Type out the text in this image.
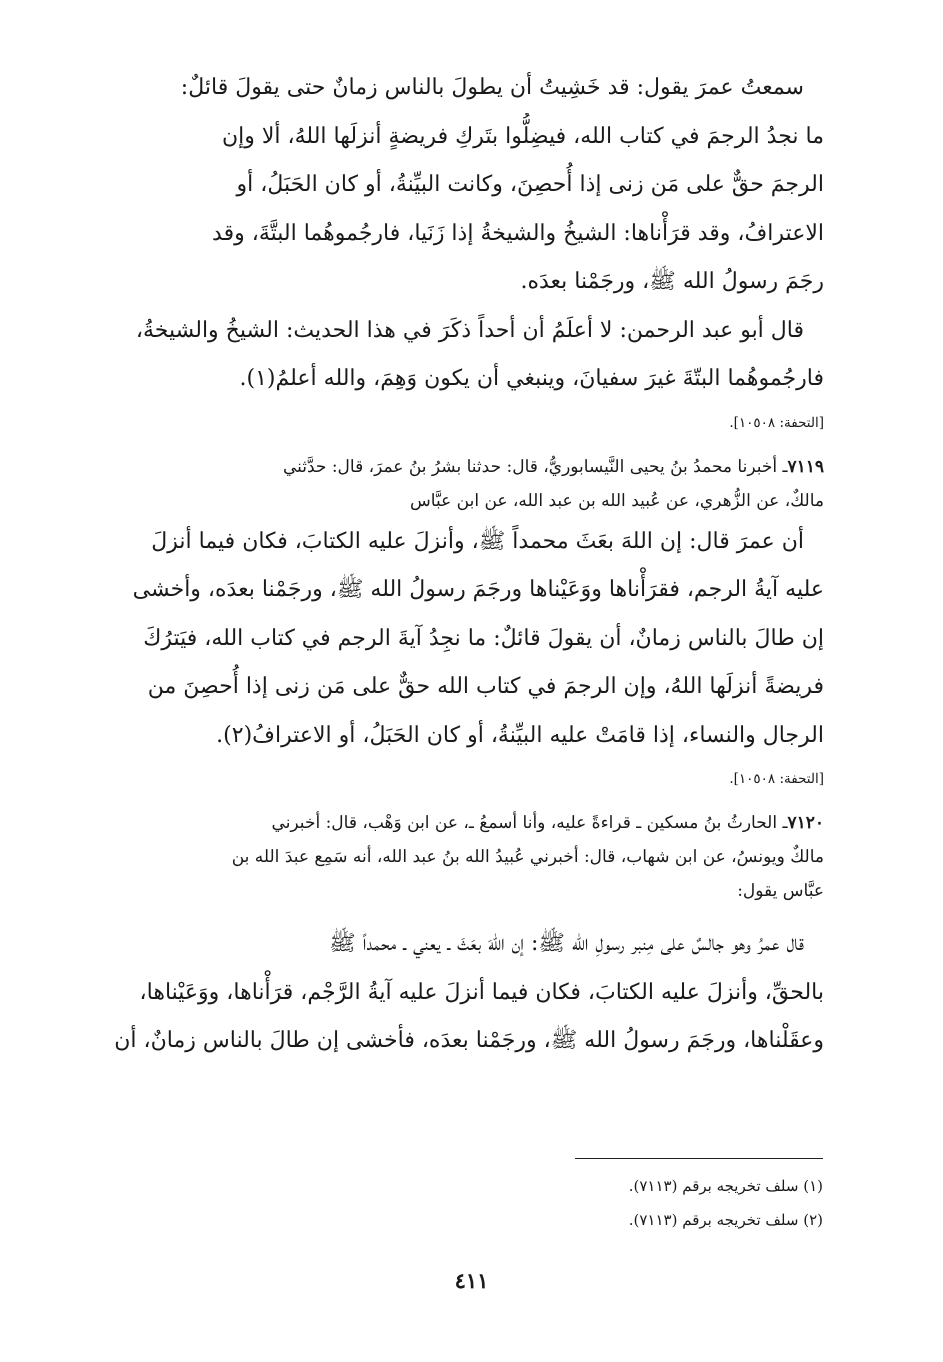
سمعتُ عمرَ يقول: قد خَشِيتُ أن يطولَ بالناس زمانٌ حتى يقولَ قائلٌ:
ما نجدُ الرجمَ في كتاب الله، فيضِلُّوا بتَركِ فريضةٍ أنزلَها اللهُ، ألا وإن
الرجمَ حقٌّ على مَن زنى إذا أُحصِنَ، وكانت البيِّنةُ، أو كان الحَبَلُ، أو
الاعترافُ، وقد قرَأْناها: الشيخُ والشيخةُ إذا زَنَيا، فارجُموهُما البتَّةَ، وقد
رجَمَ رسولُ الله ﷺ، ورجَمْنا بعدَه.
قال أبو عبد الرحمن: لا أعلَمُ أن أحداً ذكَرَ في هذا الحديث: الشيخُ والشيخةُ،
فارجُموهُما البتّةَ غيرَ سفيانَ، وينبغي أن يكون وَهِمَ، والله أعلمُ(١).
[التحفة: ١٠٥٠٨].
٧١١٩ـ أخبرنا محمدُ بنُ يحيى النَّيسابوريُّ، قال: حدثنا بشرُ بنُ عمرَ، قال: حدَّثني
مالكٌ، عن الزُّهري، عن عُبيد الله بن عبد الله، عن ابن عبَّاس
أن عمرَ قال: إن اللهَ بعَثَ محمداً ﷺ، وأنزلَ عليه الكتابَ، فكان فيما أنزلَ
عليه آيةُ الرجم، فقرَأْناها ووَعَيْناها ورجَمَ رسولُ الله ﷺ، ورجَمْنا بعدَه، وأخشى
إن طالَ بالناس زمانٌ، أن يقولَ قائلٌ: ما نجِدُ آيةَ الرجم في كتاب الله، فيَترُكَ
فريضةً أنزلَها اللهُ، وإن الرجمَ في كتاب الله حقٌّ على مَن زنى إذا أُحصِنَ من
الرجال والنساء، إذا قامَتْ عليه البيِّنةُ، أو كان الحَبَلُ، أو الاعترافُ(٢).
[التحفة: ١٠٥٠٨].
٧١٢٠ـ الحارثُ بنُ مسكين ـ قراءةً عليه، وأنا أسمعُ ـ، عن ابن وَهْب، قال: أخبرني
مالكٌ ويونسُ، عن ابن شهاب، قال: أخبرني عُبيدُ الله بنُ عبد الله، أنه سَمِع عبدَ الله بن
عبَّاس يقول:
قال عمرُ وهو جالسٌ على مِنبر رسولِ الله ﷺ: إن اللهَ بعَثَ ـ يعني ـ محمداً ﷺ
بالحقِّ، وأنزلَ عليه الكتابَ، فكان فيما أنزلَ عليه آيةُ الرَّجْم، قرَأْناها، ووَعَيْناها،
وعقَلْناها، ورجَمَ رسولُ الله ﷺ، ورجَمْنا بعدَه، فأخشى إن طالَ بالناس زمانٌ، أن
(١) سلف تخريجه برقم (٧١١٣).
(٢) سلف تخريجه برقم (٧١١٣).
٤١١
